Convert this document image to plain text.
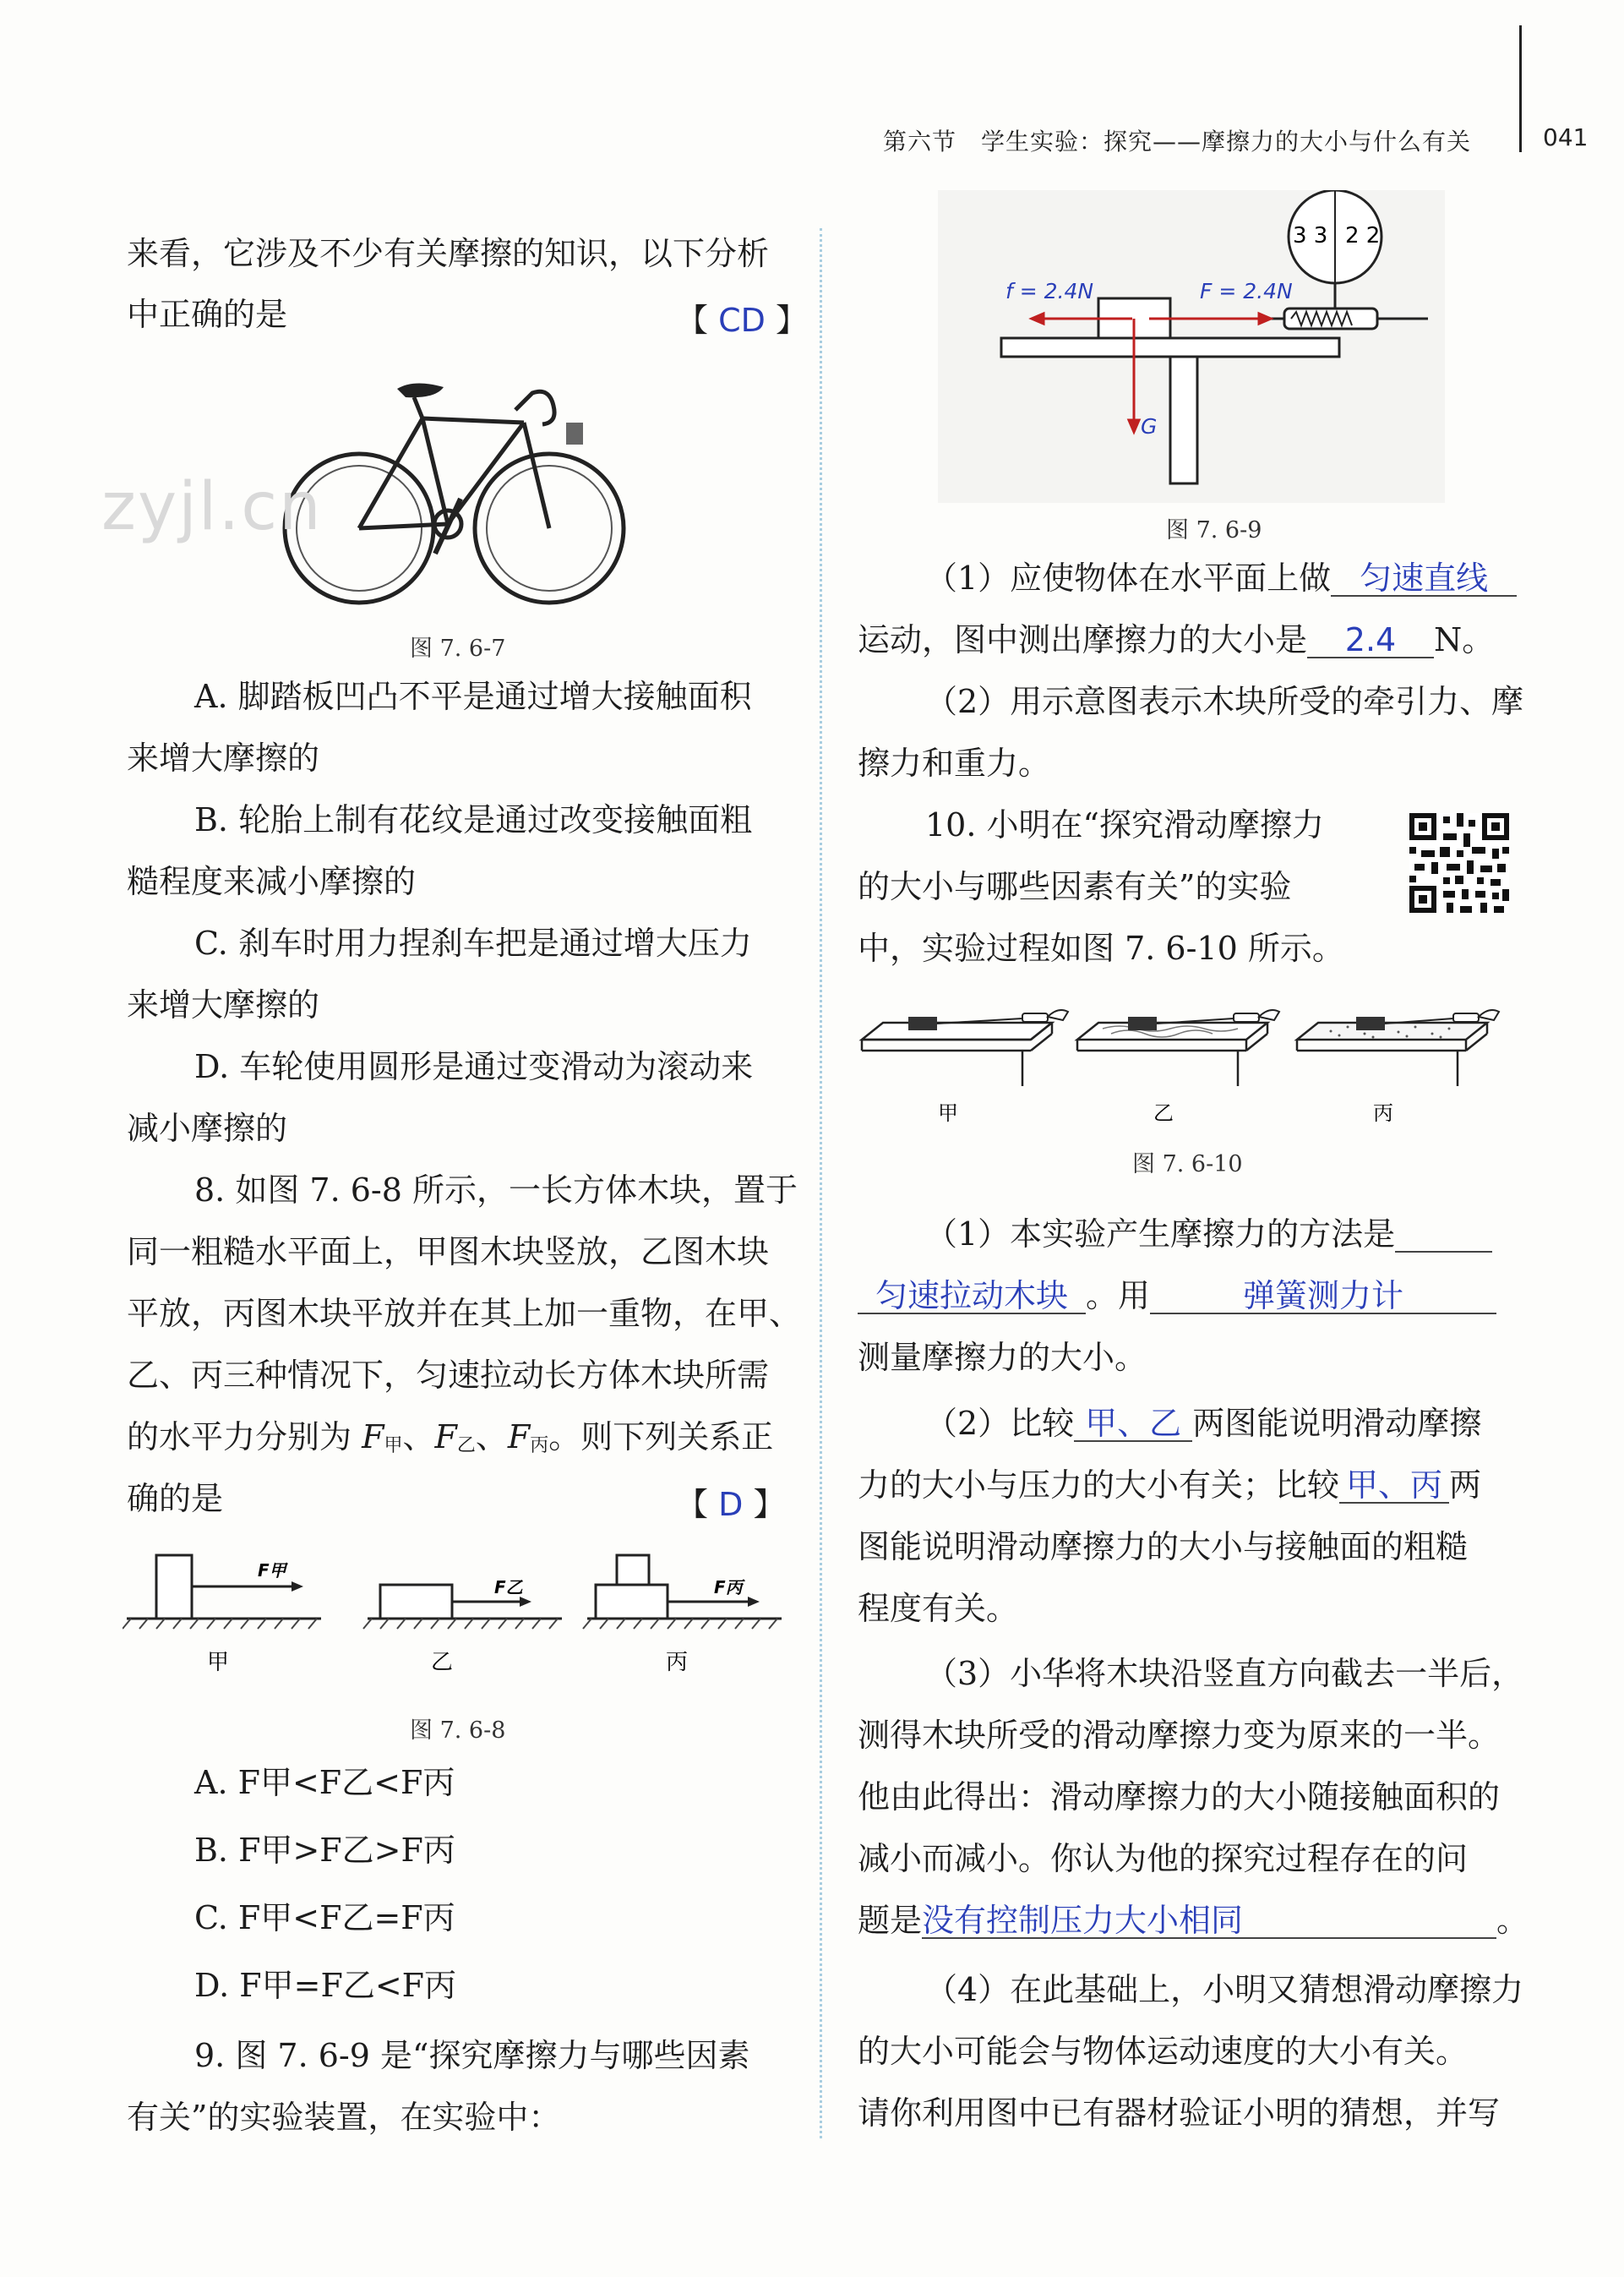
第六节　学生实验：探究——摩擦力的大小与什么有关	041
来看，它涉及不少有关摩擦的知识，以下分析
中正确的是	【 CD 】
zyjl.cn
图 7. 6-7
A. 脚踏板凹凸不平是通过增大接触面积
来增大摩擦的
B. 轮胎上制有花纹是通过改变接触面粗
糙程度来减小摩擦的
C. 刹车时用力捏刹车把是通过增大压力
来增大摩擦的
D. 车轮使用圆形是通过变滑动为滚动来
减小摩擦的
8. 如图 7. 6-8 所示，一长方体木块，置于
同一粗糙水平面上，甲图木块竖放，乙图木块
平放，丙图木块平放并在其上加一重物，在甲、
乙、丙三种情况下，匀速拉动长方体木块所需
的水平力分别为 F甲、F乙、F丙。则下列关系正
确的是	【 D 】
F甲
F乙	F丙
甲	乙	丙
图 7. 6-8
A. F甲<F乙<F丙
B. F甲>F乙>F丙
C. F甲<F乙=F丙
D. F甲=F乙<F丙
9. 图 7. 6-9 是“探究摩擦力与哪些因素
有关”的实验装置，在实验中：
3 3 2 2
f = 2.4N	F = 2.4N
G
图 7. 6-9
（1）应使物体在水平面上做 匀速直线
运动，图中测出摩擦力的大小是 2.4 N。
（2）用示意图表示木块所受的牵引力、摩
擦力和重力。
10. 小明在“探究滑动摩擦力
的大小与哪些因素有关”的实验
中，实验过程如图 7. 6-10 所示。
甲	乙	丙
图 7. 6-10
（1）本实验产生摩擦力的方法是
匀速拉动木块 。用	弹簧测力计
测量摩擦力的大小。
（2）比较 甲、乙 两图能说明滑动摩擦
力的大小与压力的大小有关；比较 甲、丙 两
图能说明滑动摩擦力的大小与接触面的粗糙
程度有关。
（3）小华将木块沿竖直方向截去一半后，
测得木块所受的滑动摩擦力变为原来的一半。
他由此得出：滑动摩擦力的大小随接触面积的
减小而减小。你认为他的探究过程存在的问
题是没有控制压力大小相同	。
（4）在此基础上，小明又猜想滑动摩擦力
的大小可能会与物体运动速度的大小有关。
请你利用图中已有器材验证小明的猜想，并写
